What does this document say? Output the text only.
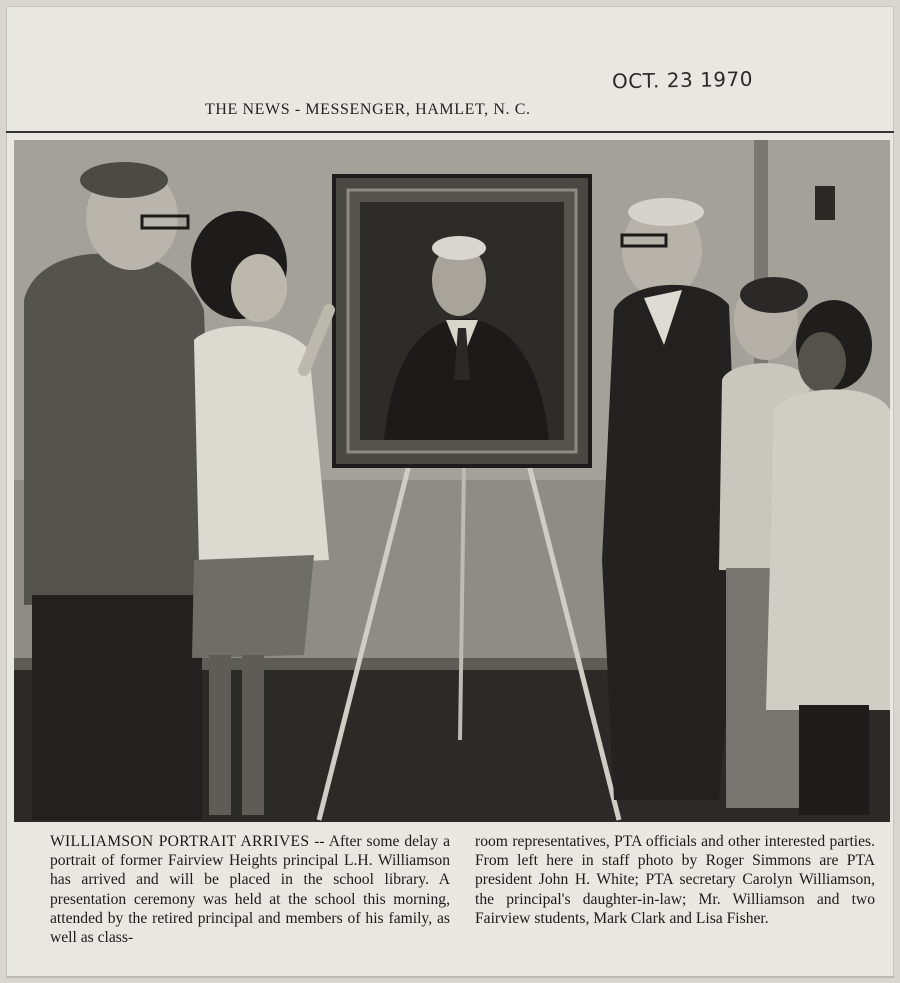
OCT. 23 1970
THE NEWS - MESSENGER, HAMLET, N. C.
WILLIAMSON PORTRAIT ARRIVES -- After some delay a portrait of former Fairview Heights principal L.H. Williamson has arrived and will be placed in the school library. A presentation ceremony was held at the school this morning, attended by the retired principal and members of his family, as well as class-
room representatives, PTA officials and other interested parties. From left here in staff photo by Roger Simmons are PTA president John H. White; PTA secretary Carolyn Williamson, the principal's daughter-in-law; Mr. Williamson and two Fairview students, Mark Clark and Lisa Fisher.
